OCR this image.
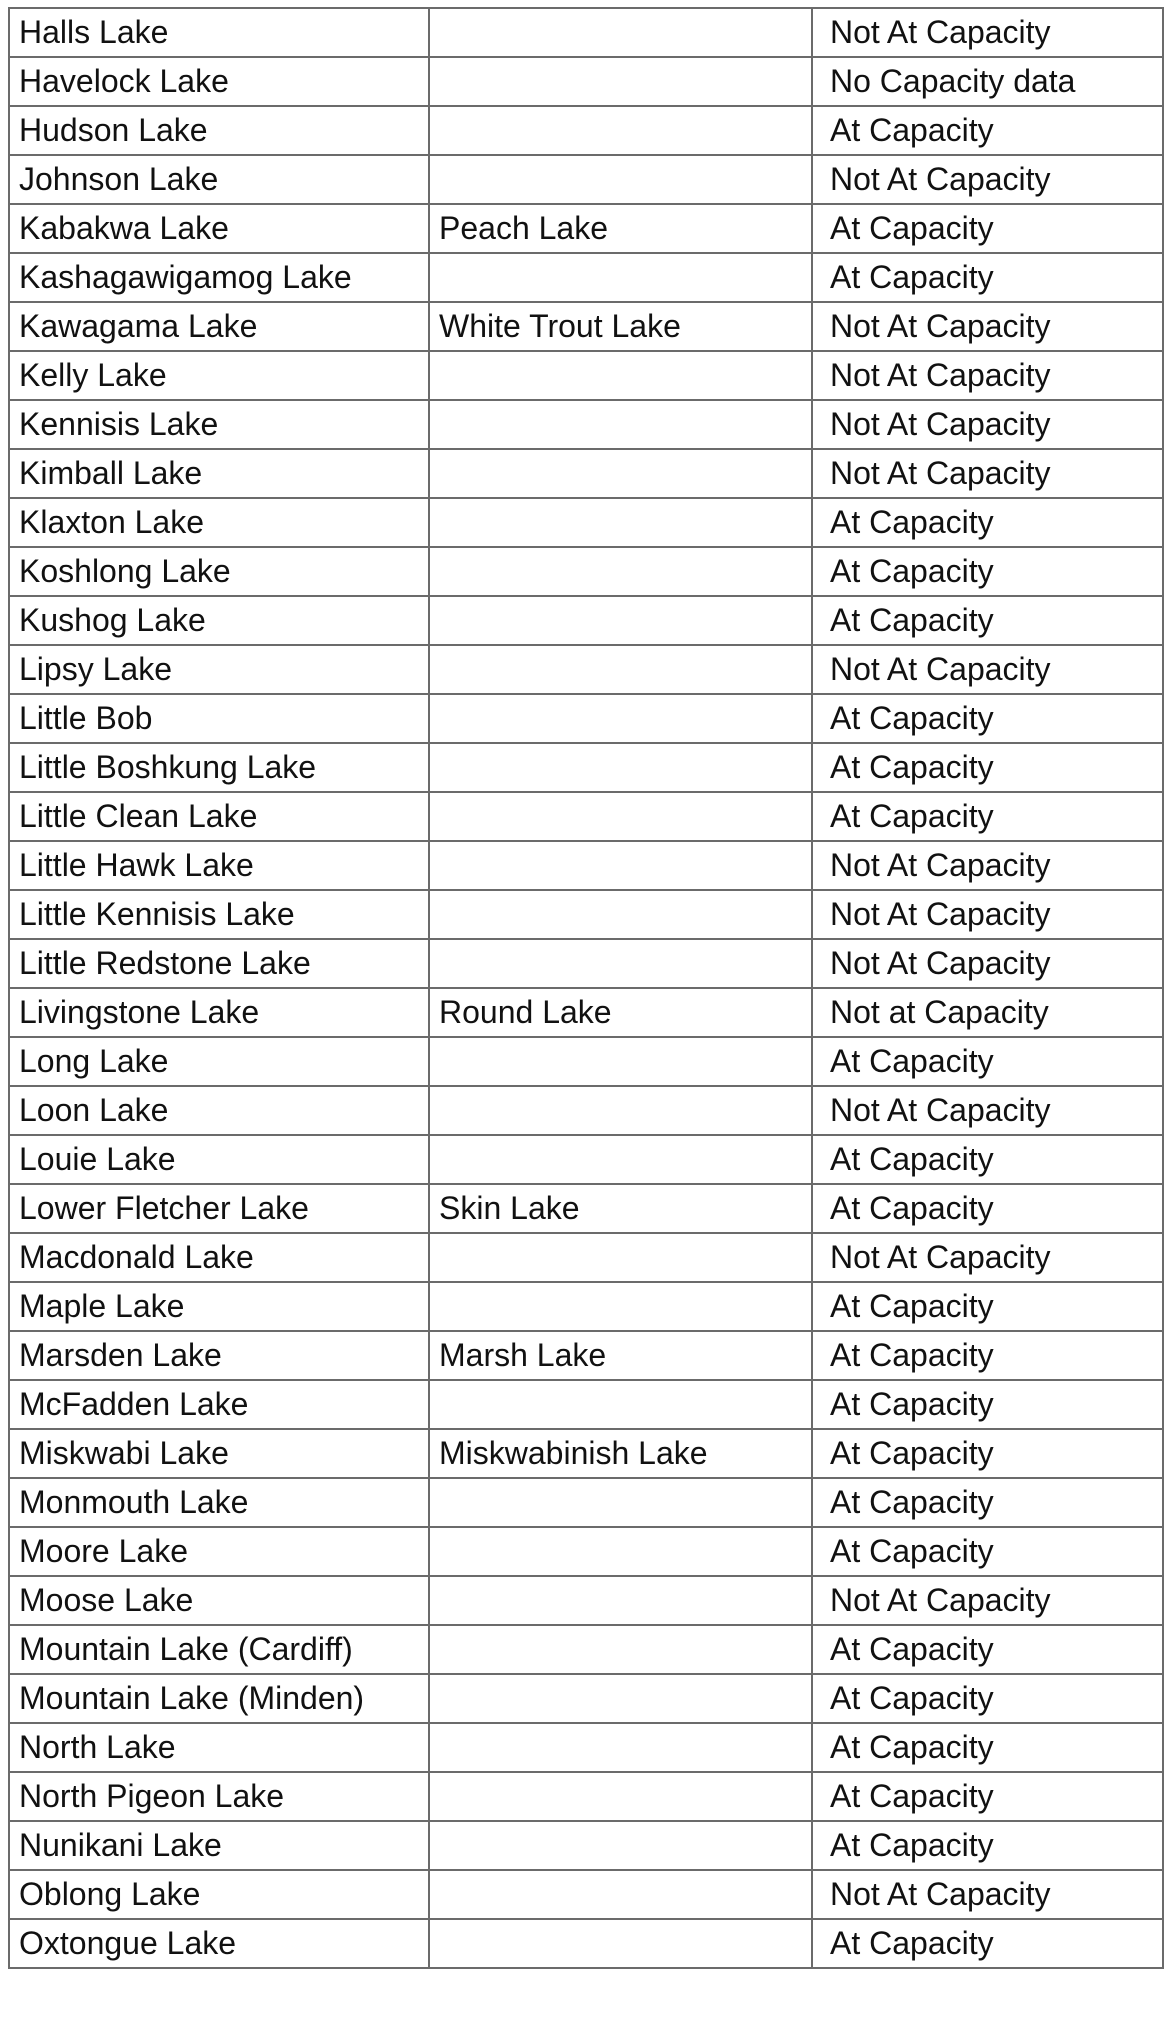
Halls Lake		Not At Capacity
Havelock Lake		No Capacity data
Hudson Lake		At Capacity
Johnson Lake		Not At Capacity
Kabakwa Lake	Peach Lake	At Capacity
Kashagawigamog Lake		At Capacity
Kawagama Lake	White Trout Lake	Not At Capacity
Kelly Lake		Not At Capacity
Kennisis Lake		Not At Capacity
Kimball Lake		Not At Capacity
Klaxton Lake		At Capacity
Koshlong Lake		At Capacity
Kushog Lake		At Capacity
Lipsy Lake		Not At Capacity
Little Bob		At Capacity
Little Boshkung Lake		At Capacity
Little Clean Lake		At Capacity
Little Hawk Lake		Not At Capacity
Little Kennisis Lake		Not At Capacity
Little Redstone Lake		Not At Capacity
Livingstone Lake	Round Lake	Not at Capacity
Long Lake		At Capacity
Loon Lake		Not At Capacity
Louie Lake		At Capacity
Lower Fletcher Lake	Skin Lake	At Capacity
Macdonald Lake		Not At Capacity
Maple Lake		At Capacity
Marsden Lake	Marsh Lake	At Capacity
McFadden Lake		At Capacity
Miskwabi Lake	Miskwabinish Lake	At Capacity
Monmouth Lake		At Capacity
Moore Lake		At Capacity
Moose Lake		Not At Capacity
Mountain Lake (Cardiff)		At Capacity
Mountain Lake (Minden)		At Capacity
North Lake		At Capacity
North Pigeon Lake		At Capacity
Nunikani Lake		At Capacity
Oblong Lake		Not At Capacity
Oxtongue Lake		At Capacity
